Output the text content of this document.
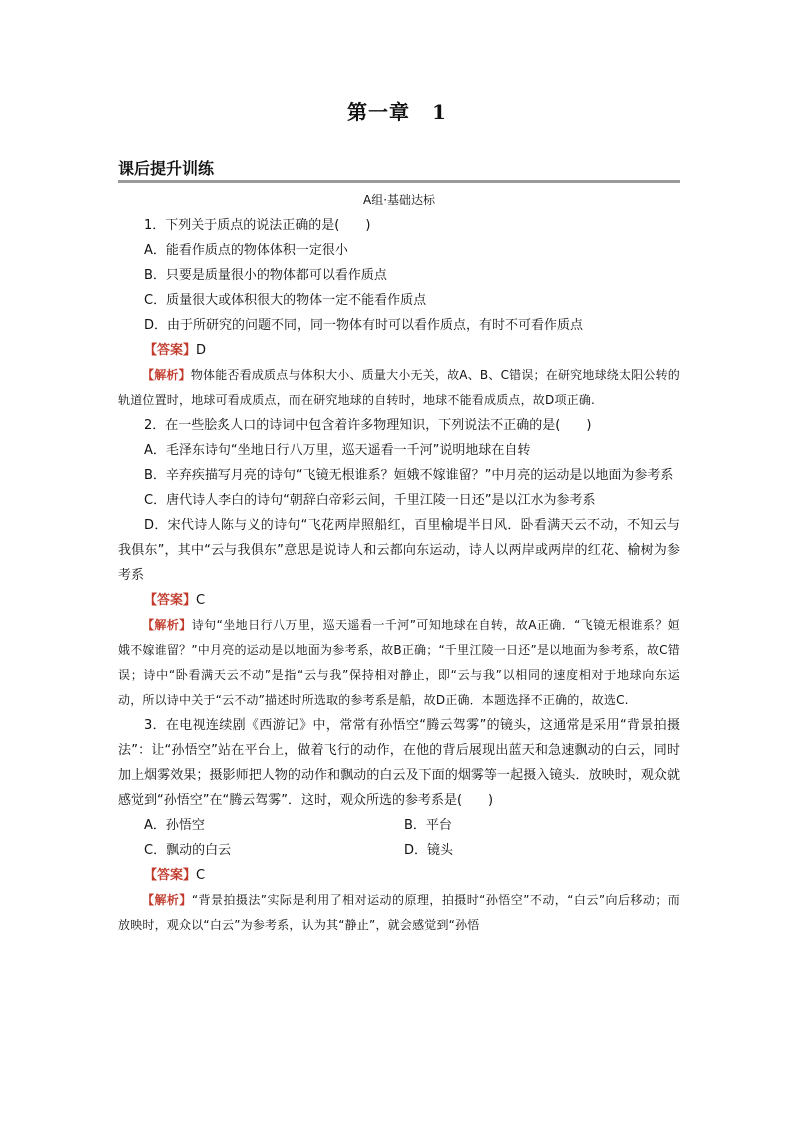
第一章 1
课后提升训练
A组·基础达标

1．下列关于质点的说法正确的是(　　)

A．能看作质点的物体体积一定很小

B．只要是质量很小的物体都可以看作质点

C．质量很大或体积很大的物体一定不能看作质点

D．由于所研究的问题不同，同一物体有时可以看作质点，有时不可看作质点

【答案】D

【解析】物体能否看成质点与体积大小、质量大小无关，故A、B、C错误；在研究地球绕太阳公转的轨道位置时，地球可看成质点，而在研究地球的自转时，地球不能看成质点，故D项正确.

2．在一些脍炙人口的诗词中包含着许多物理知识，下列说法不正确的是(　　)

A．毛泽东诗句“坐地日行八万里，巡天遥看一千河”说明地球在自转

B．辛弃疾描写月亮的诗句“飞镜无根谁系？姮娥不嫁谁留？”中月亮的运动是以地面为参考系

C．唐代诗人李白的诗句“朝辞白帝彩云间，千里江陵一日还”是以江水为参考系

D．宋代诗人陈与义的诗句“飞花两岸照船红，百里榆堤半日风．卧看满天云不动，不知云与我俱东”，其中“云与我俱东”意思是说诗人和云都向东运动，诗人以两岸或两岸的红花、榆树为参考系

【答案】C

【解析】诗句“坐地日行八万里，巡天遥看一千河”可知地球在自转，故A正确．“飞镜无根谁系？姮娥不嫁谁留？”中月亮的运动是以地面为参考系，故B正确；“千里江陵一日还”是以地面为参考系，故C错误；诗中“卧看满天云不动”是指“云与我”保持相对静止，即“云与我”以相同的速度相对于地球向东运动，所以诗中关于“云不动”描述时所选取的参考系是船，故D正确．本题选择不正确的，故选C.

3．在电视连续剧《西游记》中，常常有孙悟空“腾云驾雾”的镜头，这通常是采用“背景拍摄法”：让“孙悟空”站在平台上，做着飞行的动作，在他的背后展现出蓝天和急速飘动的白云，同时加上烟雾效果；摄影师把人物的动作和飘动的白云及下面的烟雾等一起摄入镜头．放映时，观众就感觉到“孙悟空”在“腾云驾雾”．这时，观众所选的参考系是(　　)

A．孙悟空	B．平台
C．飘动的白云	D．镜头

【答案】C

【解析】“背景拍摄法”实际是利用了相对运动的原理，拍摄时“孙悟空”不动，“白云”向后移动；而放映时，观众以“白云”为参考系，认为其“静止”，就会感觉到“孙悟
